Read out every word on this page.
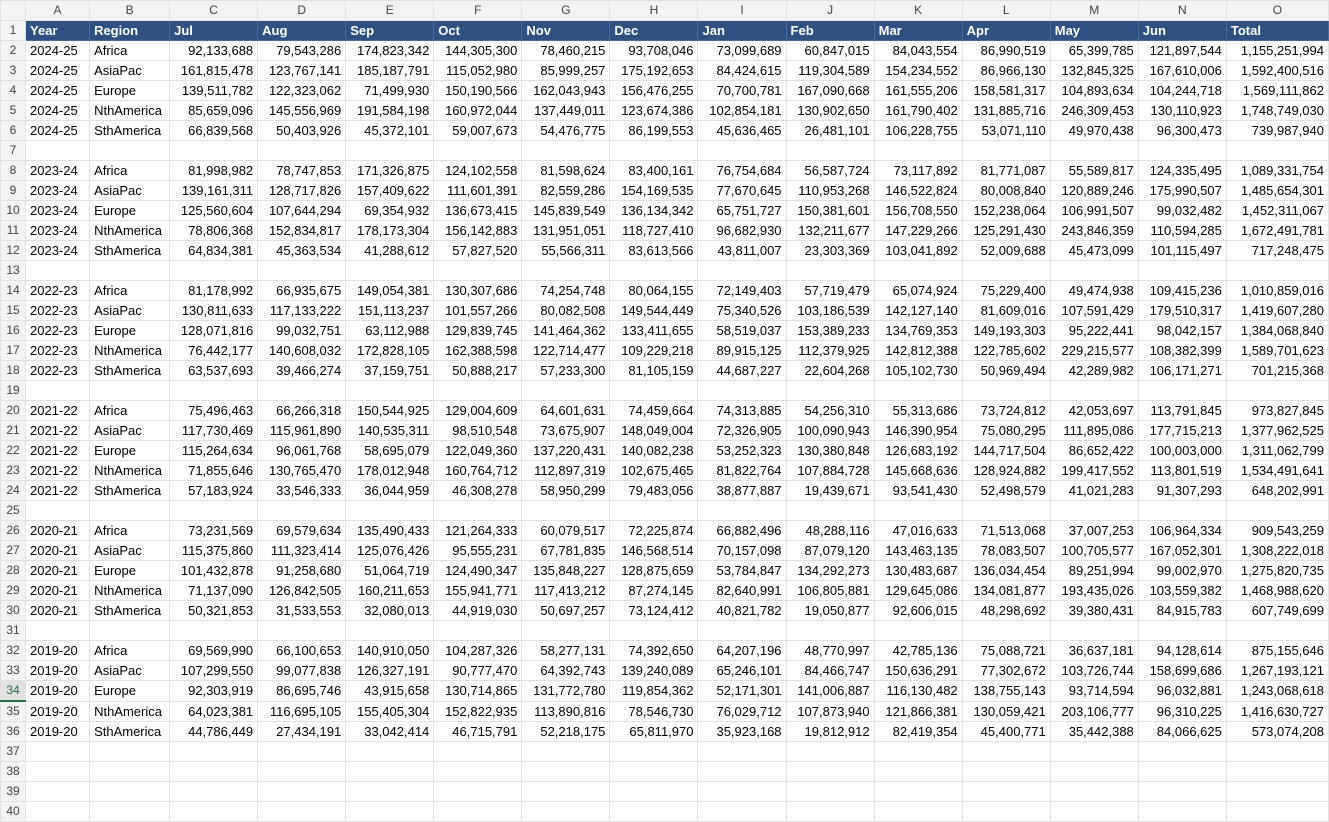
	A	B	C	D	E	F	G	H	I	J	K	L	M	N	O
1	Year	Region	Jul	Aug	Sep	Oct	Nov	Dec	Jan	Feb	Mar	Apr	May	Jun	Total
2	2024-25	Africa	92,133,688	79,543,286	174,823,342	144,305,300	78,460,215	93,708,046	73,099,689	60,847,015	84,043,554	86,990,519	65,399,785	121,897,544	1,155,251,994
3	2024-25	AsiaPac	161,815,478	123,767,141	185,187,791	115,052,980	85,999,257	175,192,653	84,424,615	119,304,589	154,234,552	86,966,130	132,845,325	167,610,006	1,592,400,516
4	2024-25	Europe	139,511,782	122,323,062	71,499,930	150,190,566	162,043,943	156,476,255	70,700,781	167,090,668	161,555,206	158,581,317	104,893,634	104,244,718	1,569,111,862
5	2024-25	NthAmerica	85,659,096	145,556,969	191,584,198	160,972,044	137,449,011	123,674,386	102,854,181	130,902,650	161,790,402	131,885,716	246,309,453	130,110,923	1,748,749,030
6	2024-25	SthAmerica	66,839,568	50,403,926	45,372,101	59,007,673	54,476,775	86,199,553	45,636,465	26,481,101	106,228,755	53,071,110	49,970,438	96,300,473	739,987,940
7															
8	2023-24	Africa	81,998,982	78,747,853	171,326,875	124,102,558	81,598,624	83,400,161	76,754,684	56,587,724	73,117,892	81,771,087	55,589,817	124,335,495	1,089,331,754
9	2023-24	AsiaPac	139,161,311	128,717,826	157,409,622	111,601,391	82,559,286	154,169,535	77,670,645	110,953,268	146,522,824	80,008,840	120,889,246	175,990,507	1,485,654,301
10	2023-24	Europe	125,560,604	107,644,294	69,354,932	136,673,415	145,839,549	136,134,342	65,751,727	150,381,601	156,708,550	152,238,064	106,991,507	99,032,482	1,452,311,067
11	2023-24	NthAmerica	78,806,368	152,834,817	178,173,304	156,142,883	131,951,051	118,727,410	96,682,930	132,211,677	147,229,266	125,291,430	243,846,359	110,594,285	1,672,491,781
12	2023-24	SthAmerica	64,834,381	45,363,534	41,288,612	57,827,520	55,566,311	83,613,566	43,811,007	23,303,369	103,041,892	52,009,688	45,473,099	101,115,497	717,248,475
13															
14	2022-23	Africa	81,178,992	66,935,675	149,054,381	130,307,686	74,254,748	80,064,155	72,149,403	57,719,479	65,074,924	75,229,400	49,474,938	109,415,236	1,010,859,016
15	2022-23	AsiaPac	130,811,633	117,133,222	151,113,237	101,557,266	80,082,508	149,544,449	75,340,526	103,186,539	142,127,140	81,609,016	107,591,429	179,510,317	1,419,607,280
16	2022-23	Europe	128,071,816	99,032,751	63,112,988	129,839,745	141,464,362	133,411,655	58,519,037	153,389,233	134,769,353	149,193,303	95,222,441	98,042,157	1,384,068,840
17	2022-23	NthAmerica	76,442,177	140,608,032	172,828,105	162,388,598	122,714,477	109,229,218	89,915,125	112,379,925	142,812,388	122,785,602	229,215,577	108,382,399	1,589,701,623
18	2022-23	SthAmerica	63,537,693	39,466,274	37,159,751	50,888,217	57,233,300	81,105,159	44,687,227	22,604,268	105,102,730	50,969,494	42,289,982	106,171,271	701,215,368
19															
20	2021-22	Africa	75,496,463	66,266,318	150,544,925	129,004,609	64,601,631	74,459,664	74,313,885	54,256,310	55,313,686	73,724,812	42,053,697	113,791,845	973,827,845
21	2021-22	AsiaPac	117,730,469	115,961,890	140,535,311	98,510,548	73,675,907	148,049,004	72,326,905	100,090,943	146,390,954	75,080,295	111,895,086	177,715,213	1,377,962,525
22	2021-22	Europe	115,264,634	96,061,768	58,695,079	122,049,360	137,220,431	140,082,238	53,252,323	130,380,848	126,683,192	144,717,504	86,652,422	100,003,000	1,311,062,799
23	2021-22	NthAmerica	71,855,646	130,765,470	178,012,948	160,764,712	112,897,319	102,675,465	81,822,764	107,884,728	145,668,636	128,924,882	199,417,552	113,801,519	1,534,491,641
24	2021-22	SthAmerica	57,183,924	33,546,333	36,044,959	46,308,278	58,950,299	79,483,056	38,877,887	19,439,671	93,541,430	52,498,579	41,021,283	91,307,293	648,202,991
25															
26	2020-21	Africa	73,231,569	69,579,634	135,490,433	121,264,333	60,079,517	72,225,874	66,882,496	48,288,116	47,016,633	71,513,068	37,007,253	106,964,334	909,543,259
27	2020-21	AsiaPac	115,375,860	111,323,414	125,076,426	95,555,231	67,781,835	146,568,514	70,157,098	87,079,120	143,463,135	78,083,507	100,705,577	167,052,301	1,308,222,018
28	2020-21	Europe	101,432,878	91,258,680	51,064,719	124,490,347	135,848,227	128,875,659	53,784,847	134,292,273	130,483,687	136,034,454	89,251,994	99,002,970	1,275,820,735
29	2020-21	NthAmerica	71,137,090	126,842,505	160,211,653	155,941,771	117,413,212	87,274,145	82,640,991	106,805,881	129,645,086	134,081,877	193,435,026	103,559,382	1,468,988,620
30	2020-21	SthAmerica	50,321,853	31,533,553	32,080,013	44,919,030	50,697,257	73,124,412	40,821,782	19,050,877	92,606,015	48,298,692	39,380,431	84,915,783	607,749,699
31															
32	2019-20	Africa	69,569,990	66,100,653	140,910,050	104,287,326	58,277,131	74,392,650	64,207,196	48,770,997	42,785,136	75,088,721	36,637,181	94,128,614	875,155,646
33	2019-20	AsiaPac	107,299,550	99,077,838	126,327,191	90,777,470	64,392,743	139,240,089	65,246,101	84,466,747	150,636,291	77,302,672	103,726,744	158,699,686	1,267,193,121
34	2019-20	Europe	92,303,919	86,695,746	43,915,658	130,714,865	131,772,780	119,854,362	52,171,301	141,006,887	116,130,482	138,755,143	93,714,594	96,032,881	1,243,068,618
35	2019-20	NthAmerica	64,023,381	116,695,105	155,405,304	152,822,935	113,890,816	78,546,730	76,029,712	107,873,940	121,866,381	130,059,421	203,106,777	96,310,225	1,416,630,727
36	2019-20	SthAmerica	44,786,449	27,434,191	33,042,414	46,715,791	52,218,175	65,811,970	35,923,168	19,812,912	82,419,354	45,400,771	35,442,388	84,066,625	573,074,208
37															
38															
39															
40															
